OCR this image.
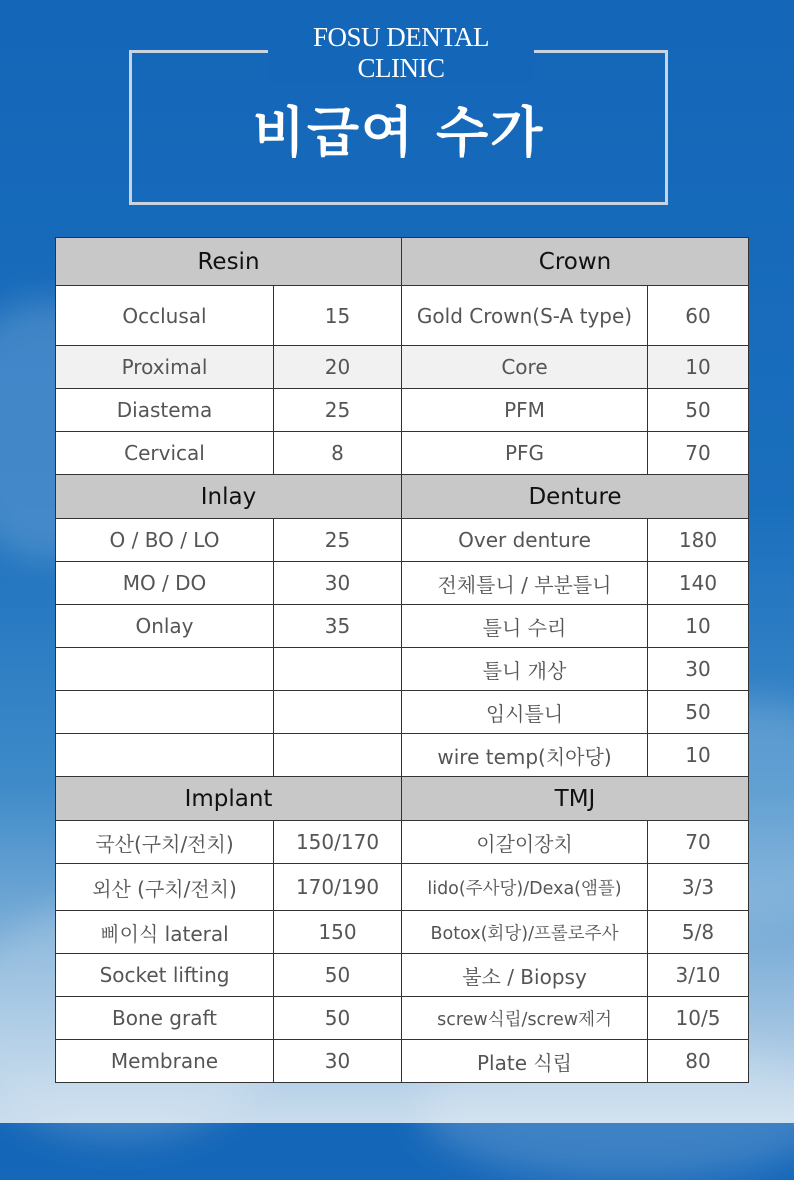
FOSU DENTAL CLINIC
비급여 수가
Resin		Crown	
Occlusal	15	Gold Crown(S-A type)	60
Proximal	20	Core	10
Diastema	25	PFM	50
Cervical	8	PFG	70
Inlay		Denture	
O / BO / LO	25	Over denture	180
MO / DO	30	전체틀니 / 부분틀니	140
Onlay	35	틀니 수리	10
		틀니 개상	30
		임시틀니	50
		wire temp(치아당)	10
Implant		TMJ	
국산(구치/전치)	150/170	이갈이장치	70
외산 (구치/전치)	170/190	lido(주사당)/Dexa(앰플)	3/3
삐이식 lateral	150	Botox(회당)/프롤로주사	5/8
Socket lifting	50	불소 / Biopsy	3/10
Bone graft	50	screw식립/screw제거	10/5
Membrane	30	Plate 식립	80
